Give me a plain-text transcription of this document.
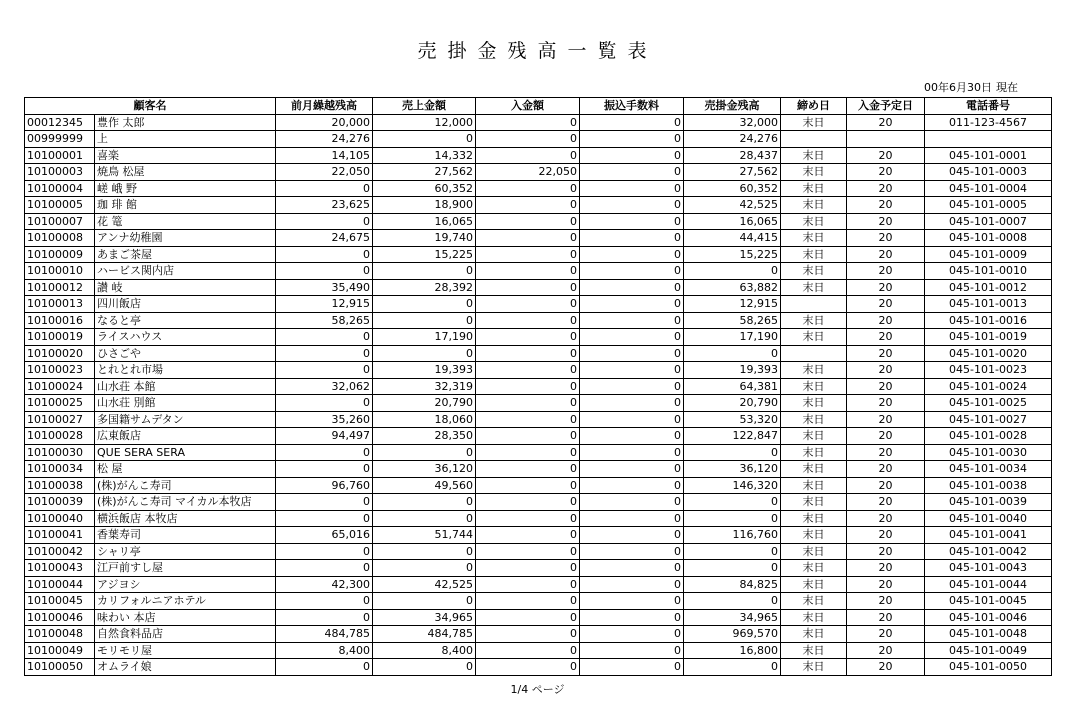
売掛金残高一覧表
00年6月30日 現在
顧客名		前月繰越残高	売上金額	入金額	振込手数料	売掛金残高	締め日	入金予定日	電話番号
00012345	豊作 太郎	20,000	12,000	0	0	32,000	末日	20	011-123-4567
00999999	上	24,276	0	0	0	24,276			
10100001	喜楽	14,105	14,332	0	0	28,437	末日	20	045-101-0001
10100003	焼鳥 松屋	22,050	27,562	22,050	0	27,562	末日	20	045-101-0003
10100004	嵯 峨 野	0	60,352	0	0	60,352	末日	20	045-101-0004
10100005	珈 琲 館	23,625	18,900	0	0	42,525	末日	20	045-101-0005
10100007	花 篭	0	16,065	0	0	16,065	末日	20	045-101-0007
10100008	アンナ幼稚園	24,675	19,740	0	0	44,415	末日	20	045-101-0008
10100009	あまご茶屋	0	15,225	0	0	15,225	末日	20	045-101-0009
10100010	ハービス関内店	0	0	0	0	0	末日	20	045-101-0010
10100012	讃 岐	35,490	28,392	0	0	63,882	末日	20	045-101-0012
10100013	四川飯店	12,915	0	0	0	12,915		20	045-101-0013
10100016	なると亭	58,265	0	0	0	58,265	末日	20	045-101-0016
10100019	ライスハウス	0	17,190	0	0	17,190	末日	20	045-101-0019
10100020	ひさごや	0	0	0	0	0		20	045-101-0020
10100023	とれとれ市場	0	19,393	0	0	19,393	末日	20	045-101-0023
10100024	山水荘 本館	32,062	32,319	0	0	64,381	末日	20	045-101-0024
10100025	山水荘 別館	0	20,790	0	0	20,790	末日	20	045-101-0025
10100027	多国籍サムデタン	35,260	18,060	0	0	53,320	末日	20	045-101-0027
10100028	広東飯店	94,497	28,350	0	0	122,847	末日	20	045-101-0028
10100030	QUE SERA SERA	0	0	0	0	0	末日	20	045-101-0030
10100034	松 屋	0	36,120	0	0	36,120	末日	20	045-101-0034
10100038	(株)がんこ寿司	96,760	49,560	0	0	146,320	末日	20	045-101-0038
10100039	(株)がんこ寿司 マイカル本牧店	0	0	0	0	0	末日	20	045-101-0039
10100040	横浜飯店 本牧店	0	0	0	0	0	末日	20	045-101-0040
10100041	香葉寿司	65,016	51,744	0	0	116,760	末日	20	045-101-0041
10100042	シャリ亭	0	0	0	0	0	末日	20	045-101-0042
10100043	江戸前すし屋	0	0	0	0	0	末日	20	045-101-0043
10100044	アジヨシ	42,300	42,525	0	0	84,825	末日	20	045-101-0044
10100045	カリフォルニアホテル	0	0	0	0	0	末日	20	045-101-0045
10100046	味わい 本店	0	34,965	0	0	34,965	末日	20	045-101-0046
10100048	自然食料品店	484,785	484,785	0	0	969,570	末日	20	045-101-0048
10100049	モリモリ屋	8,400	8,400	0	0	16,800	末日	20	045-101-0049
10100050	オムライ娘	0	0	0	0	0	末日	20	045-101-0050
1/4 ページ
